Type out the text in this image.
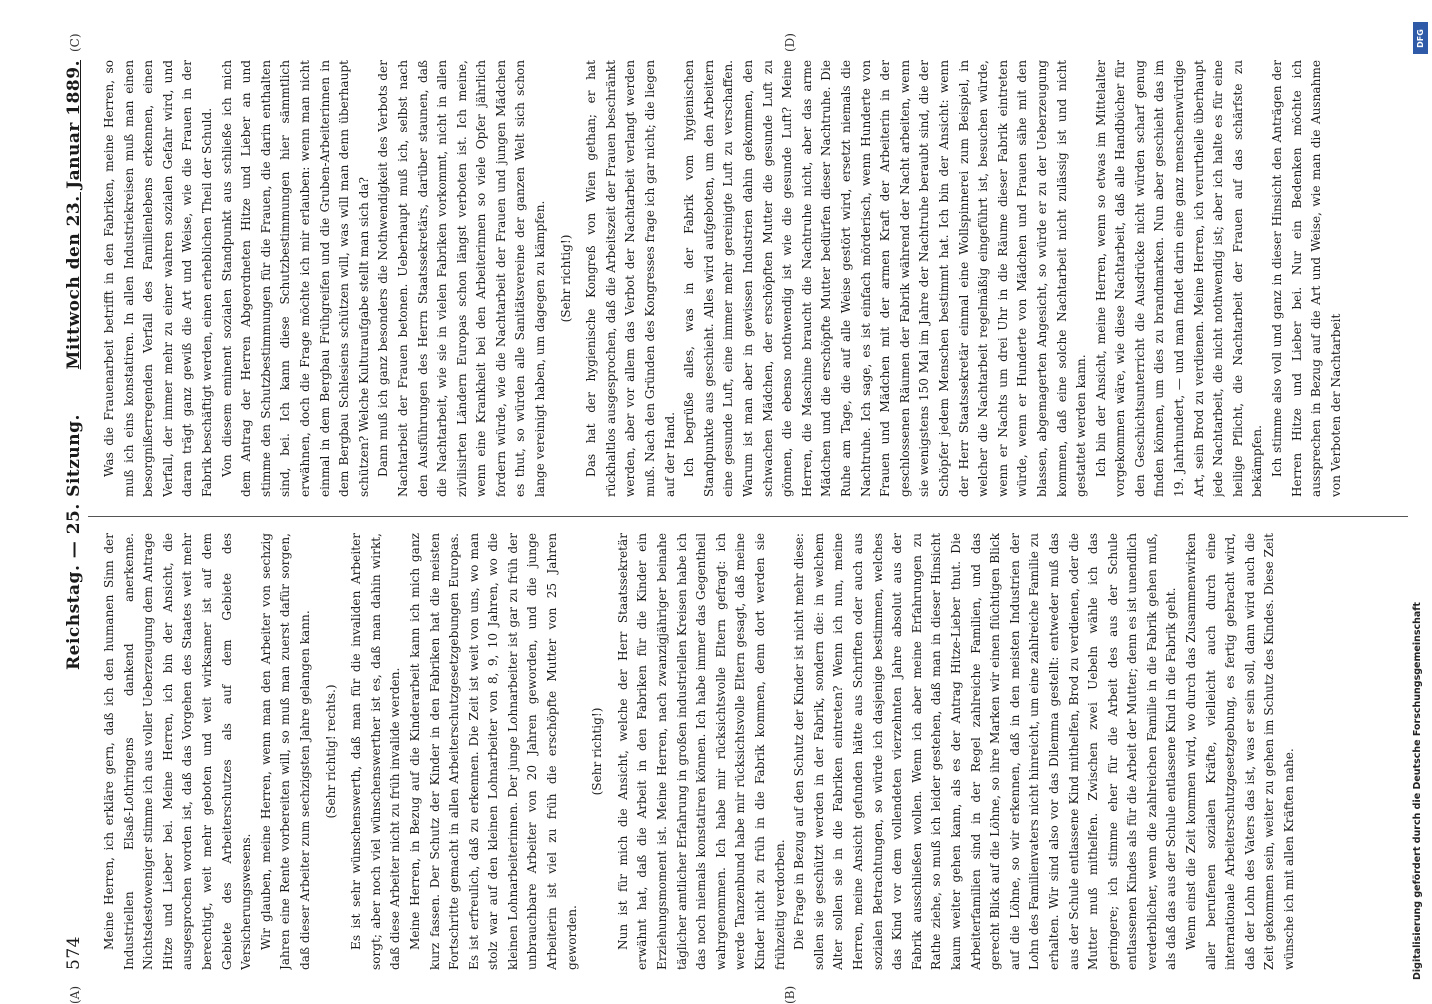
574
Reichstag. — 25. Sitzung.
Mittwoch den 23. Januar 1889.
(A)	(B)
(C)	(D)

Meine Herren, ich erkläre gern, daß ich den humanen Sinn der Industriellen Elsaß-Lothringens dankend anerkenne. Nichtsdestoweniger stimme ich aus voller Ueberzeugung dem Antrage Hitze und Lieber bei. Meine Herren, ich bin der Ansicht, die ausgesprochen worden ist, daß das Vorgehen des Staates weit mehr berechtigt, weit mehr geboten und weit wirksamer ist auf dem Gebiete des Arbeiterschutzes als auf dem Gebiete des Versicherungswesens. Wir glauben, meine Herren, wenn man den Arbeiter von sechzig Jahren eine Rente vorbereiten will, so muß man zuerst dafür sorgen, daß dieser Arbeiter zum sechzigsten Jahre gelangen kann. (Sehr richtig! rechts.) Es ist sehr wünschenswerth, daß man für die invaliden Arbeiter sorgt; aber noch viel wünschenswerther ist es, daß man dahin wirkt, daß diese Arbeiter nicht zu früh invalide werden. Meine Herren, in Bezug auf die Kinderarbeit kann ich mich ganz kurz fassen. Der Schutz der Kinder in den Fabriken hat die meisten Fortschritte gemacht in allen Arbeiterschutzgesetzgebungen Europas. Es ist erfreulich, daß zu erkennen. Die Zeit ist weit von uns, wo man stolz war auf den kleinen Lohnarbeiter von 8, 9, 10 Jahren, wo die kleinen Lohnarbeiterinnen. Der junge Lohnarbeiter ist gar zu früh der unbrauchbare Arbeiter von 20 Jahren geworden, und die junge Arbeiterin ist viel zu früh die erschöpfte Mutter von 25 Jahren geworden.

(Sehr richtig!) Nun ist für mich die Ansicht, welche der Herr Staatssekretär erwähnt hat, daß die Arbeit in den Fabriken für die Kinder ein Erziehungsmoment ist. Meine Herren, nach zwanzigjähriger beinahe täglicher amtlicher Erfahrung in großen industriellen Kreisen habe ich das noch niemals konstatiren können. Ich habe immer das Gegentheil wahrgenommen. Ich habe mir rücksichtsvolle Eltern gefragt: ich werde Tanzenbund habe mir rücksichtsvolle Eltern gesagt, daß meine Kinder nicht zu früh in die Fabrik kommen, denn dort werden sie frühzeitig verdorben. Die Frage in Bezug auf den Schutz der Kinder ist nicht mehr diese: sollen sie geschützt werden in der Fabrik, sondern die: in welchem Alter sollen sie in die Fabriken eintreten? Wenn ich nun, meine Herren, meine Ansicht gefunden hätte aus Schriften oder auch aus sozialen Betrachtungen, so würde ich dasjenige bestimmen, welches das Kind vor dem vollendeten vierzehnten Jahre absolut aus der Fabrik ausschließen wollen. Wenn ich aber meine Erfahrungen zu Rathe ziehe, so muß ich leider gestehen, daß man in dieser Hinsicht kaum weiter gehen kann, als es der Antrag Hitze-Lieber thut. Die Arbeiterfamilien sind in der Regel zahlreiche Familien, und das gerecht Blick auf die Löhne, so ihre Marken wir einen flüchtigen Blick auf die Löhne, so wir erkennen, daß in den meisten Industrien der Lohn des Familienvaters nicht hinreicht, um eine zahlreiche Familie zu erhalten. Wir sind also vor das Dilemma gestellt: entweder muß das aus der Schule entlassene Kind mithelfen, Brod zu verdienen, oder die Mutter muß mithelfen. Zwischen zwei Uebeln wähle ich das geringere; ich stimme eher für die Arbeit des aus der Schule entlassenen Kindes als für die Arbeit der Mutter; denn es ist unendlich verderblicher, wenn die zahlreichen Familie in die Fabrik gehen muß, als daß das aus der Schule entlassene Kind in die Fabrik geht. Wenn einst die Zeit kommen wird, wo durch das Zusammenwirken aller berufenen sozialen Kräfte, vielleicht auch durch eine internationale Arbeiterschutzgesetzgebung, es fertig gebracht wird, daß der Lohn des Vaters das ist, was er sein soll, dann wird auch die Zeit gekommen sein, weiter zu gehen im Schutz des Kindes. Diese Zeit wünsche ich mit allen Kräften nahe.

Was die Frauenarbeit betrifft in den Fabriken, meine Herren, so muß ich eins konstatiren. In allen Industriekreisen muß man einen besorgnißerregenden Verfall des Familienlebens erkennen, einen Verfall, der immer mehr zu einer wahren sozialen Gefahr wird, und daran trägt ganz gewiß die Art und Weise, wie die Frauen in der Fabrik beschäftigt werden, einen erheblichen Theil der Schuld. Von diesem eminent sozialen Standpunkt aus schließe ich mich dem Antrag der Herren Abgeordneten Hitze und Lieber an und stimme den Schutzbestimmungen für die Frauen, die darin enthalten sind, bei. Ich kann diese Schutzbestimmungen hier sämmtlich erwähnen, doch die Frage möchte ich mir erlauben: wenn man nicht einmal in dem Bergbau Frühgreifen und die Gruben-Arbeiterinnen in dem Bergbau Schlesiens schützen will, was will man denn überhaupt schützen? Welche Kulturaufgabe stellt man sich da? Dann muß ich ganz besonders die Nothwendigkeit des Verbots der Nachtarbeit der Frauen betonen. Ueberhaupt muß ich, selbst nach den Ausführungen des Herrn Staatssekretärs, darüber staunen, daß die Nachtarbeit, wie sie in vielen Fabriken vorkommt, nicht in allen zivilisirten Ländern Europas schon längst verboten ist. Ich meine, wenn eine Krankheit bei den Arbeiterinnen so viele Opfer jährlich fordern würde, wie die Nachtarbeit der Frauen und jungen Mädchen es thut, so würden alle Sanitätsvereine der ganzen Welt sich schon lange vereinigt haben, um dagegen zu kämpfen. (Sehr richtig!) Das hat der hygienische Kongreß von Wien gethan; er hat rückhaltlos ausgesprochen, daß die Arbeitszeit der Frauen beschränkt werden, aber vor allem das Verbot der Nachtarbeit verlangt werden muß. Nach den Gründen des Kongresses frage ich gar nicht; die liegen auf der Hand. Ich begrüße alles, was in der Fabrik vom hygienischen Standpunkte aus geschieht. Alles wird aufgeboten, um den Arbeitern eine gesunde Luft, eine immer mehr gereinigte Luft zu verschaffen. Warum ist man aber in gewissen Industrien dahin gekommen, den schwachen Mädchen, der erschöpften Mutter die gesunde Luft zu gönnen, die ebenso nothwendig ist wie die gesunde Luft? Meine Herren, die Maschine braucht die Nachtruhe nicht, aber das arme Mädchen und die erschöpfte Mutter bedürfen dieser Nachtruhe. Die Ruhe am Tage, die auf alle Weise gestört wird, ersetzt niemals die Nachtruhe. Ich sage, es ist einfach mörderisch, wenn Hunderte von Frauen und Mädchen mit der armen Kraft der Arbeiterin in der geschlossenen Räumen der Fabrik während der Nacht arbeiten, wenn sie wenigstens 150 Mal im Jahre der Nachtruhe beraubt sind, die der Schöpfer jedem Menschen bestimmt hat. Ich bin der Ansicht: wenn der Herr Staatssekretär einmal eine Wollspinnerei zum Beispiel, in welcher die Nachtarbeit regelmäßig eingeführt ist, besuchen würde, wenn er Nachts um drei Uhr in die Räume dieser Fabrik eintreten würde, wenn er Hunderte von Mädchen und Frauen sähe mit den blassen, abgemagerten Angesicht, so würde er zu der Ueberzeugung kommen, daß eine solche Nachtarbeit nicht zulässig ist und nicht gestattet werden kann. Ich bin der Ansicht, meine Herren, wenn so etwas im Mittelalter vorgekommen wäre, wie diese Nachtarbeit, daß alle Handbücher für den Geschichtsunterricht die Ausdrücke nicht würden scharf genug finden können, um dies zu brandmarken. Nun aber geschieht das im 19. Jahrhundert, — und man findet darin eine ganz menschenwürdige Art, sein Brod zu verdienen. Meine Herren, ich verurtheile überhaupt jede Nachtarbeit, die nicht nothwendig ist; aber ich halte es für eine heilige Pflicht, die Nachtarbeit der Frauen auf das schärfste zu bekämpfen. Ich stimme also voll und ganz in dieser Hinsicht den Anträgen der Herren Hitze und Lieber bei. Nur ein Bedenken möchte ich aussprechen in Bezug auf die Art und Weise, wie man die Ausnahme von Verboten der Nachtarbeit

DFG
Digitalisierung gefördert durch die Deutsche Forschungsgemeinschaft
